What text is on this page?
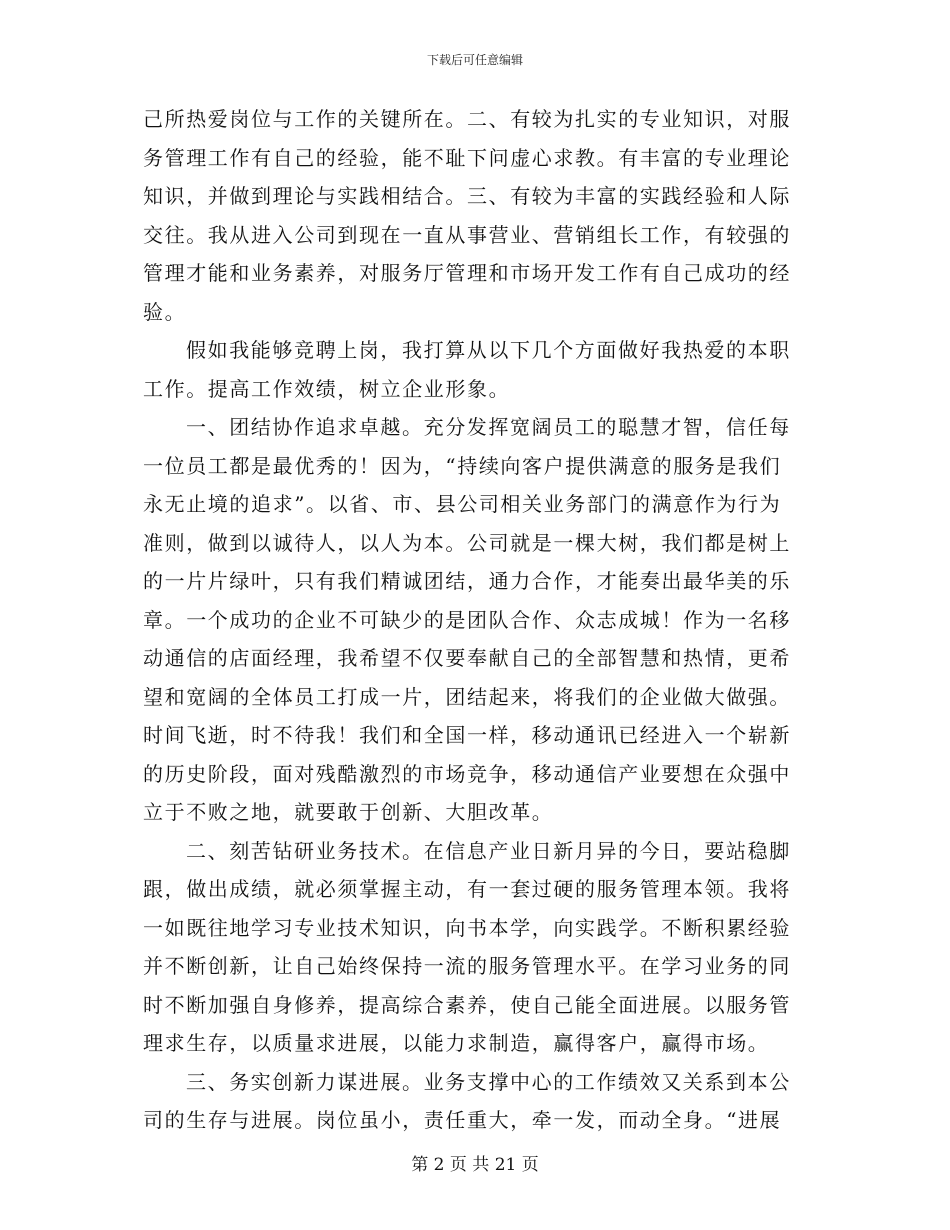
下载后可任意编辑
己所热爱岗位与工作的关键所在。二、有较为扎实的专业知识，对服
务管理工作有自己的经验，能不耻下问虚心求教。有丰富的专业理论
知识，并做到理论与实践相结合。三、有较为丰富的实践经验和人际
交往。我从进入公司到现在一直从事营业、营销组长工作，有较强的
管理才能和业务素养，对服务厅管理和市场开发工作有自己成功的经
验。
假如我能够竞聘上岗，我打算从以下几个方面做好我热爱的本职
工作。提高工作效绩，树立企业形象。
一、团结协作追求卓越。充分发挥宽阔员工的聪慧才智，信任每
一位员工都是最优秀的！因为，“持续向客户提供满意的服务是我们
永无止境的追求”。以省、市、县公司相关业务部门的满意作为行为
准则，做到以诚待人，以人为本。公司就是一棵大树，我们都是树上
的一片片绿叶，只有我们精诚团结，通力合作，才能奏出最华美的乐
章。一个成功的企业不可缺少的是团队合作、众志成城！作为一名移
动通信的店面经理，我希望不仅要奉献自己的全部智慧和热情，更希
望和宽阔的全体员工打成一片，团结起来，将我们的企业做大做强。
时间飞逝，时不待我！我们和全国一样，移动通讯已经进入一个崭新
的历史阶段，面对残酷激烈的市场竞争，移动通信产业要想在众强中
立于不败之地，就要敢于创新、大胆改革。
二、刻苦钻研业务技术。在信息产业日新月异的今日，要站稳脚
跟，做出成绩，就必须掌握主动，有一套过硬的服务管理本领。我将
一如既往地学习专业技术知识，向书本学，向实践学。不断积累经验
并不断创新，让自己始终保持一流的服务管理水平。在学习业务的同
时不断加强自身修养，提高综合素养，使自己能全面进展。以服务管
理求生存，以质量求进展，以能力求制造，赢得客户，赢得市场。
三、务实创新力谋进展。业务支撑中心的工作绩效又关系到本公
司的生存与进展。岗位虽小，责任重大，牵一发，而动全身。“进展
第 2 页 共 21 页
